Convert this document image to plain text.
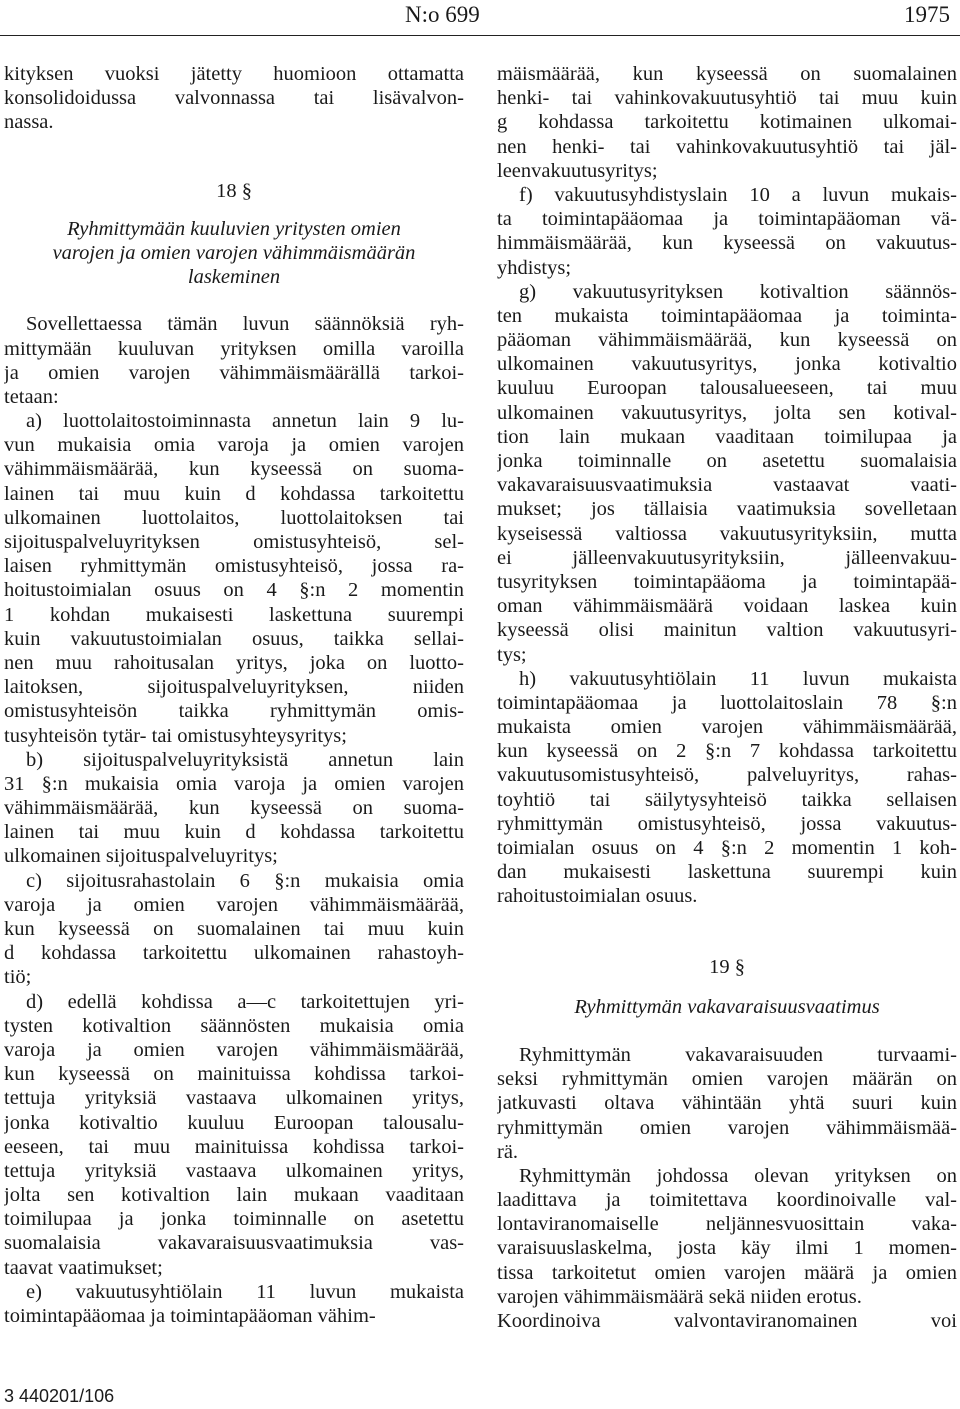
N:o 699	1975
kityksen vuoksi jätetty huomioon ottamatta
konsolidoidussa valvonnassa tai lisävalvon-
nassa.
18 §
Ryhmittymään kuuluvien yritysten omien
varojen ja omien varojen vähimmäismäärän
laskeminen
Sovellettaessa tämän luvun säännöksiä ryh-
mittymään kuuluvan yrityksen omilla varoilla
ja omien varojen vähimmäismäärällä tarkoi-
tetaan:
a) luottolaitostoiminnasta annetun lain 9 lu-
vun mukaisia omia varoja ja omien varojen
vähimmäismäärää, kun kyseessä on suoma-
lainen tai muu kuin d kohdassa tarkoitettu
ulkomainen luottolaitos, luottolaitoksen tai
sijoituspalveluyrityksen omistusyhteisö, sel-
laisen ryhmittymän omistusyhteisö, jossa ra-
hoitustoimialan osuus on 4 §:n 2 momentin
1 kohdan mukaisesti laskettuna suurempi
kuin vakuutustoimialan osuus, taikka sellai-
nen muu rahoitusalan yritys, joka on luotto-
laitoksen, sijoituspalveluyrityksen, niiden
omistusyhteisön taikka ryhmittymän omis-
tusyhteisön tytär- tai omistusyhteysyritys;
b) sijoituspalveluyrityksistä annetun lain
31 §:n mukaisia omia varoja ja omien varojen
vähimmäismäärää, kun kyseessä on suoma-
lainen tai muu kuin d kohdassa tarkoitettu
ulkomainen sijoituspalveluyritys;
c) sijoitusrahastolain 6 §:n mukaisia omia
varoja ja omien varojen vähimmäismäärää,
kun kyseessä on suomalainen tai muu kuin
d kohdassa tarkoitettu ulkomainen rahastoyh-
tiö;
d) edellä kohdissa a—c tarkoitettujen yri-
tysten kotivaltion säännösten mukaisia omia
varoja ja omien varojen vähimmäismäärää,
kun kyseessä on mainituissa kohdissa tarkoi-
tettuja yrityksiä vastaava ulkomainen yritys,
jonka kotivaltio kuuluu Euroopan talousalu-
eeseen, tai muu mainituissa kohdissa tarkoi-
tettuja yrityksiä vastaava ulkomainen yritys,
jolta sen kotivaltion lain mukaan vaaditaan
toimilupaa ja jonka toiminnalle on asetettu
suomalaisia vakavaraisuusvaatimuksia vas-
taavat vaatimukset;
e) vakuutusyhtiölain 11 luvun mukaista
toimintapääomaa ja toimintapääoman vähim-
mäismäärää, kun kyseessä on suomalainen
henki- tai vahinkovakuutusyhtiö tai muu kuin
g kohdassa tarkoitettu kotimainen ulkomai-
nen henki- tai vahinkovakuutusyhtiö tai jäl-
leenvakuutusyritys;
f) vakuutusyhdistyslain 10 a luvun mukais-
ta toimintapääomaa ja toimintapääoman vä-
himmäismäärää, kun kyseessä on vakuutus-
yhdistys;
g) vakuutusyrityksen kotivaltion säännös-
ten mukaista toimintapääomaa ja toiminta-
pääoman vähimmäismäärää, kun kyseessä on
ulkomainen vakuutusyritys, jonka kotivaltio
kuuluu Euroopan talousalueeseen, tai muu
ulkomainen vakuutusyritys, jolta sen kotival-
tion lain mukaan vaaditaan toimilupaa ja
jonka toiminnalle on asetettu suomalaisia
vakavaraisuusvaatimuksia vastaavat vaati-
mukset; jos tällaisia vaatimuksia sovelletaan
kyseisessä valtiossa vakuutusyrityksiin, mutta
ei jälleenvakuutusyrityksiin, jälleenvakuu-
tusyrityksen toimintapääoma ja toimintapää-
oman vähimmäismäärä voidaan laskea kuin
kyseessä olisi mainitun valtion vakuutusyri-
tys;
h) vakuutusyhtiölain 11 luvun mukaista
toimintapääomaa ja luottolaitoslain 78 §:n
mukaista omien varojen vähimmäismäärää,
kun kyseessä on 2 §:n 7 kohdassa tarkoitettu
vakuutusomistusyhteisö, palveluyritys, rahas-
toyhtiö tai säilytysyhteisö taikka sellaisen
ryhmittymän omistusyhteisö, jossa vakuutus-
toimialan osuus on 4 §:n 2 momentin 1 koh-
dan mukaisesti laskettuna suurempi kuin
rahoitustoimialan osuus.
19 §
Ryhmittymän vakavaraisuusvaatimus
Ryhmittymän vakavaraisuuden turvaami-
seksi ryhmittymän omien varojen määrän on
jatkuvasti oltava vähintään yhtä suuri kuin
ryhmittymän omien varojen vähimmäismää-
rä.
Ryhmittymän johdossa olevan yrityksen on
laadittava ja toimitettava koordinoivalle val-
lontaviranomaiselle neljännesvuosittain vaka-
varaisuuslaskelma, josta käy ilmi 1 momen-
tissa tarkoitetut omien varojen määrä ja omien
varojen vähimmäismäärä sekä niiden erotus.
Koordinoiva valvontaviranomainen voi
3 440201/106
